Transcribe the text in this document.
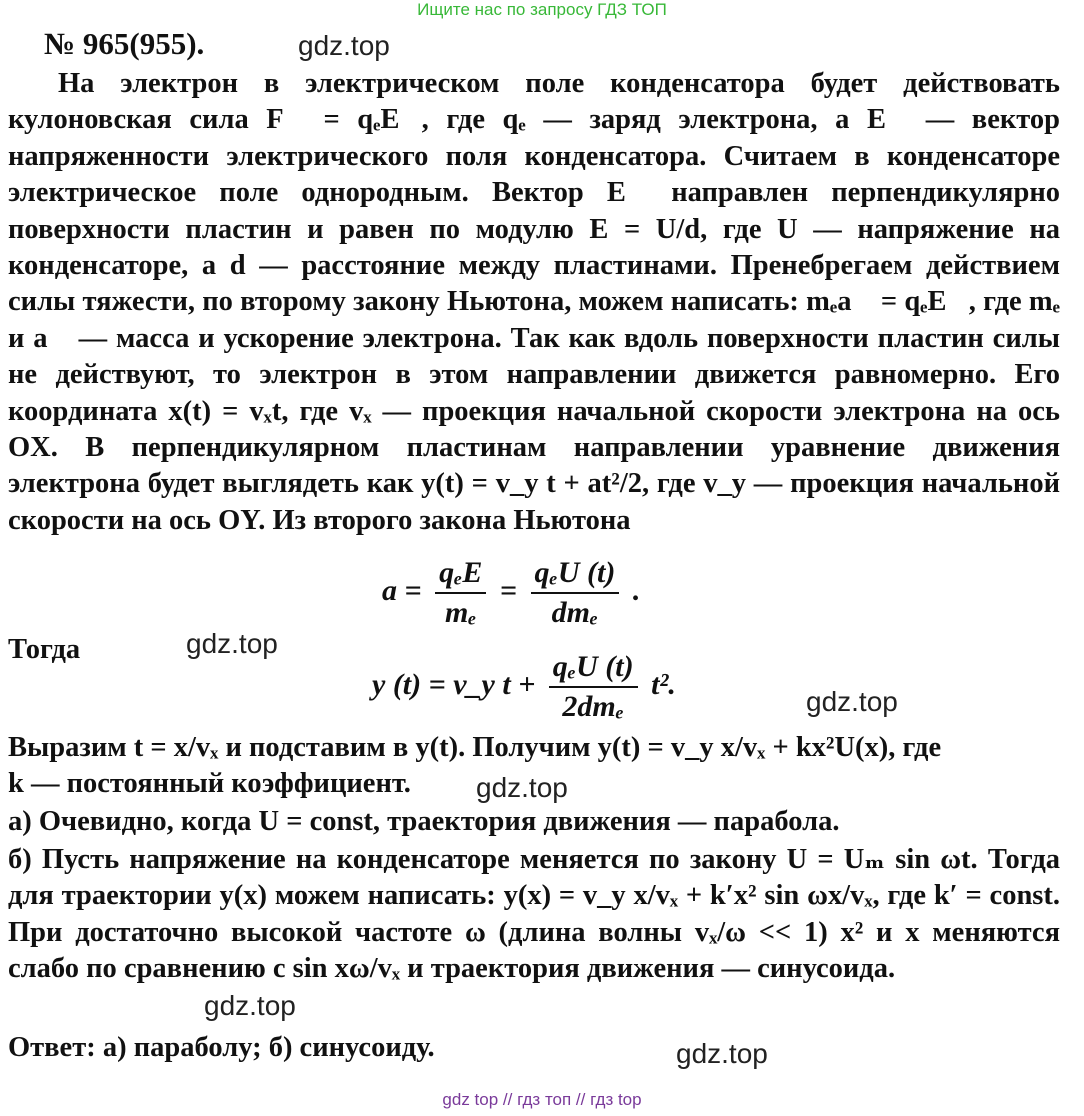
Ищите нас по запросу ГДЗ ТОП
№ 965(955).	gdz.top

На электрон в электрическом поле конденсатора будет действовать кулоновская сила F⃗ = qₑE⃗, где qₑ — заряд электрона, а E⃗ — вектор напряженности электрического поля конденсатора. Считаем в конденсаторе электрическое поле однородным. Вектор E⃗ направлен перпендикулярно поверхности пластин и равен по модулю E = U/d, где U — напряжение на конденсаторе, а d — расстояние между пластинами. Пренебрегаем действием силы тяжести, по второму закону Ньютона, можем написать: mₑa⃗ = qₑE⃗, где mₑ и a⃗ — масса и ускорение электрона. Так как вдоль поверхности пластин силы не действуют, то электрон в этом направлении движется равномерно. Его координата x(t) = vₓt, где vₓ — проекция начальной скорости электрона на ось OX. В перпендикулярном пластинам направлении уравнение движения электрона будет выглядеть как y(t) = v_y t + at²/2, где v_y — проекция начальной скорости на ось OY. Из второго закона Ньютона

$a = \frac{\text{qₑE}}{\text{mₑ}} = \frac{\text{qₑU (t)}}{\text{dmₑ}}$ .
Тогда	gdz.top
y (t) = v_y $t + \frac{\text{qₑU (t)}}{\text{2dmₑ}} t^2$.
gdz.top

Выразим t = x/vₓ и подставим в y(t). Получим y(t) = v_y x/vₓ + kx²U(x), где

k — постоянный коэффициент.	gdz.top

а) Очевидно, когда U = const, траектория движения — парабола.

б) Пусть напряжение на конденсаторе меняется по закону U = Uₘ sin ωt. Тогда для траектории y(x) можем написать: y(x) = v_y x/vₓ + k′x² sin ωx/vₓ, где k′ = const. При достаточно высокой частоте ω (длина волны vₓ/ω << 1) x² и x меняются слабо по сравнению с sin xω/vₓ и траектория движения — синусоида.

gdz.top

Ответ: а) параболу; б) синусоиду.	gdz.top
gdz top // гдз топ // гдз top
